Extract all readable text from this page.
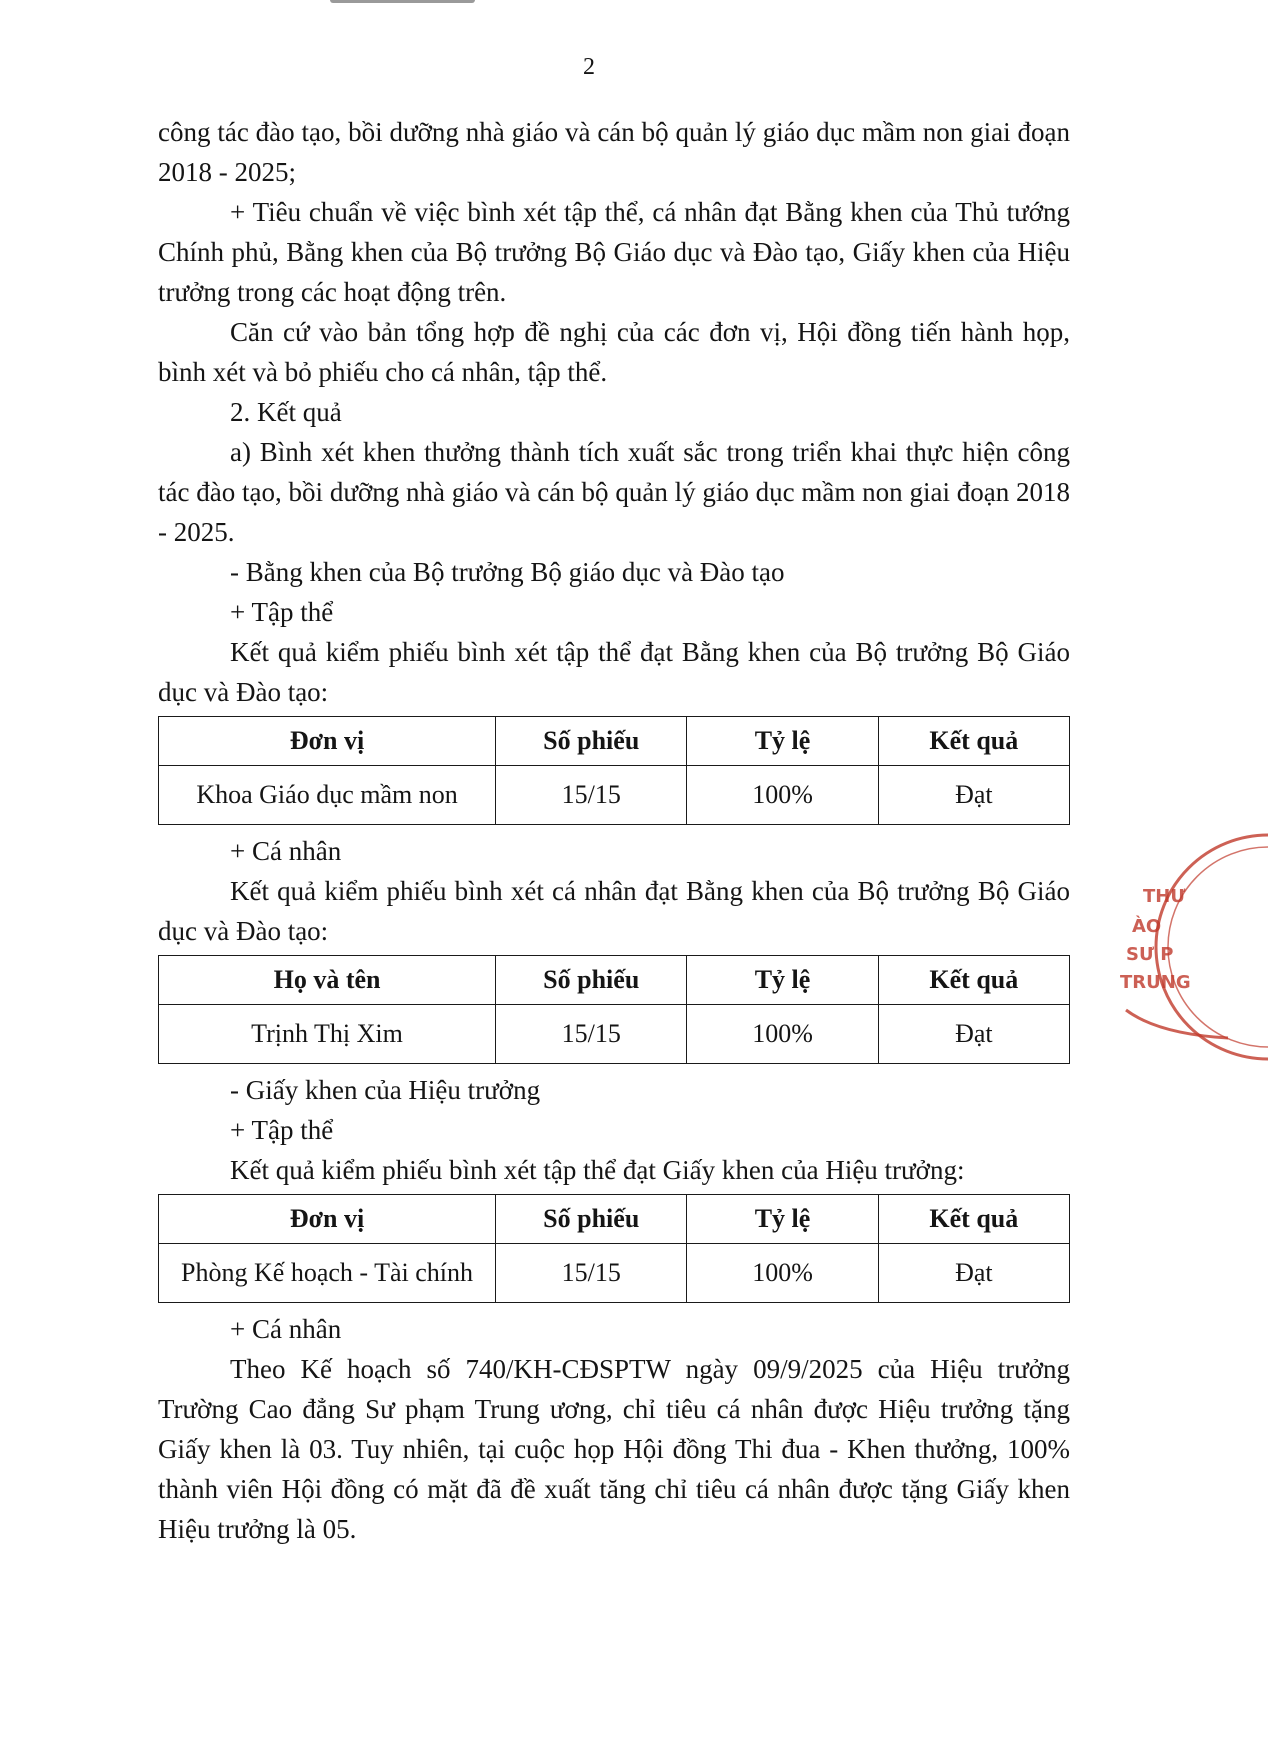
2

công tác đào tạo, bồi dưỡng nhà giáo và cán bộ quản lý giáo dục mầm non giai đoạn 2018 - 2025;

+ Tiêu chuẩn về việc bình xét tập thể, cá nhân đạt Bằng khen của Thủ tướng Chính phủ, Bằng khen của Bộ trưởng Bộ Giáo dục và Đào tạo, Giấy khen của Hiệu trưởng trong các hoạt động trên.

Căn cứ vào bản tổng hợp đề nghị của các đơn vị, Hội đồng tiến hành họp, bình xét và bỏ phiếu cho cá nhân, tập thể.

2. Kết quả

a) Bình xét khen thưởng thành tích xuất sắc trong triển khai thực hiện công tác đào tạo, bồi dưỡng nhà giáo và cán bộ quản lý giáo dục mầm non giai đoạn 2018 - 2025.

- Bằng khen của Bộ trưởng Bộ giáo dục và Đào tạo

+ Tập thể

Kết quả kiểm phiếu bình xét tập thể đạt Bằng khen của Bộ trưởng Bộ Giáo dục và Đào tạo:

Đơn vị	Số phiếu	Tỷ lệ	Kết quả
Khoa Giáo dục mầm non	15/15	100%	Đạt

+ Cá nhân

Kết quả kiểm phiếu bình xét cá nhân đạt Bằng khen của Bộ trưởng Bộ Giáo dục và Đào tạo:

Họ và tên	Số phiếu	Tỷ lệ	Kết quả
Trịnh Thị Xim	15/15	100%	Đạt

- Giấy khen của Hiệu trưởng

+ Tập thể

Kết quả kiểm phiếu bình xét tập thể đạt Giấy khen của Hiệu trưởng:

Đơn vị	Số phiếu	Tỷ lệ	Kết quả
Phòng Kế hoạch - Tài chính	15/15	100%	Đạt

+ Cá nhân

Theo Kế hoạch số 740/KH-CĐSPTW ngày 09/9/2025 của Hiệu trưởng Trường Cao đẳng Sư phạm Trung ương, chỉ tiêu cá nhân được Hiệu trưởng tặng Giấy khen là 03. Tuy nhiên, tại cuộc họp Hội đồng Thi đua - Khen thưởng, 100% thành viên Hội đồng có mặt đã đề xuất tăng chỉ tiêu cá nhân được tặng Giấy khen Hiệu trưởng là 05.

THƯ
ÀO
SƯ P
TRUNG
